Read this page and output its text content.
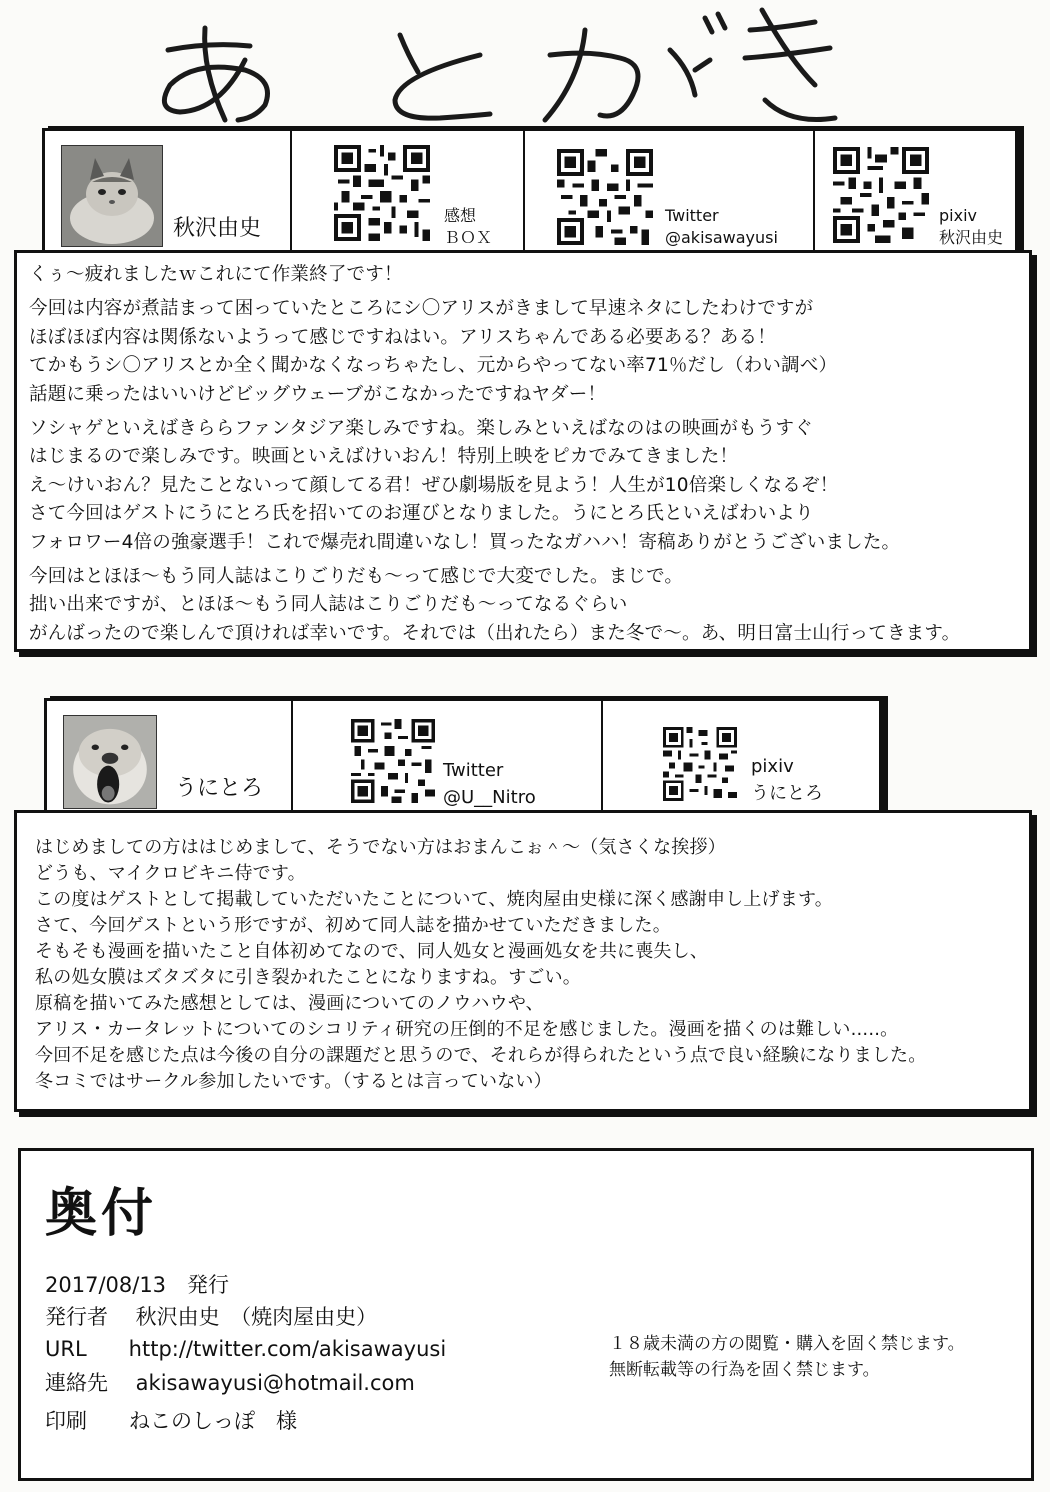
秋沢由史
感想
ＢＯＸ
Twitter
@akisawayusi
pixiv
秋沢由史

くぅ〜疲れましたｗこれにて作業終了です！

今回は内容が煮詰まって困っていたところにシ〇アリスがきまして早速ネタにしたわけですが

ほぼほぼ内容は関係ないようって感じですねはい。アリスちゃんである必要ある？ある！

てかもうシ〇アリスとか全く聞かなくなっちゃたし、元からやってない率71％だし（わい調べ）

話題に乗ったはいいけどビッグウェーブがこなかったですねヤダー！

ソシャゲといえばきららファンタジア楽しみですね。楽しみといえばなのはの映画がもうすぐ

はじまるので楽しみです。映画といえばけいおん！特別上映をピカでみてきました！

え〜けいおん？見たことないって顔してる君！ぜひ劇場版を見よう！人生が10倍楽しくなるぞ！

さて今回はゲストにうにとろ氏を招いてのお運びとなりました。うにとろ氏といえばわいより

フォロワー4倍の強豪選手！これで爆売れ間違いなし！買ったなガハハ！寄稿ありがとうございました。

今回はとほほ〜もう同人誌はこりごりだも〜って感じで大変でした。まじで。

拙い出来ですが、とほほ〜もう同人誌はこりごりだも〜ってなるぐらい

がんばったので楽しんで頂ければ幸いです。それでは（出れたら）また冬で〜。あ、明日富士山行ってきます。

うにとろ
Twitter
@U__Nitro
pixiv
うにとろ

はじめましての方ははじめまして、そうでない方はおまんこぉ＾〜（気さくな挨拶）

どうも、マイクロビキニ侍です。

この度はゲストとして掲載していただいたことについて、焼肉屋由史様に深く感謝申し上げます。

さて、今回ゲストという形ですが、初めて同人誌を描かせていただきました。

そもそも漫画を描いたこと自体初めてなので、同人処女と漫画処女を共に喪失し、

私の処女膜はズタズタに引き裂かれたことになりますね。すごい。

原稿を描いてみた感想としては、漫画についてのノウハウや、

アリス・カータレットについてのシコリティ研究の圧倒的不足を感じました。漫画を描くのは難しい.....。

今回不足を感じた点は今後の自分の課題だと思うので、それらが得られたという点で良い経験になりました。

冬コミではサークル参加したいです。（するとは言っていない）

奥付
2017/08/13　発行
発行者　 秋沢由史　（焼肉屋由史）
URL　　http://twitter.com/akisawayusi
連絡先　 akisawayusi@hotmail.com
印刷　　ねこのしっぽ　様
１８歳未満の方の閲覧・購入を固く禁じます。
無断転載等の行為を固く禁じます。
